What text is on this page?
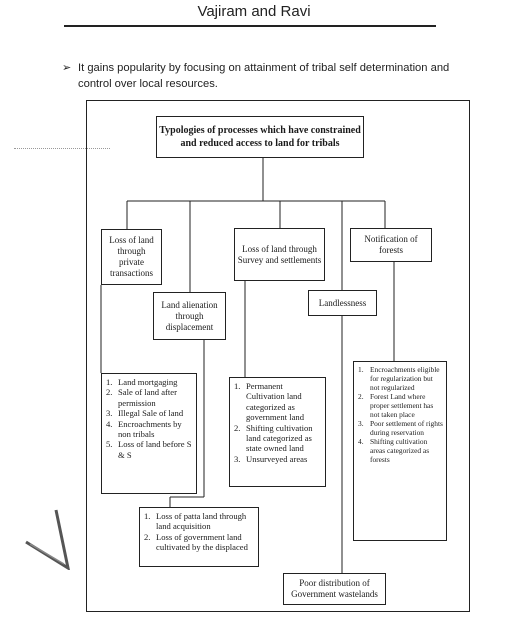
Vajiram and Ravi
➢ It gains popularity by focusing on attainment of tribal self determination and control over local resources.
Typologies of processes which have constrained and reduced access to land for tribals
Loss of land through private transactions
Land alienation through displacement
Loss of land through Survey and settlements
Landlessness
Notification of forests
1. Land mortgaging
2. Sale of land after permission
3. Illegal Sale of land
4. Encroachments by non tribals
5. Loss of land before S & S
1. Loss of patta land through land acquisition
2. Loss of government land cultivated by the displaced
1. Permanent Cultivation land categorized as government land
2. Shifting cultivation land categorized as state owned land
3. Unsurveyed areas
1. Encroachments eligible for regularization but not regularized
2. Forest Land where proper settlement has not taken place
3. Poor settlement of rights during reservation
4. Shifting cultivation areas categorized as forests
Poor distribution of Government wastelands
